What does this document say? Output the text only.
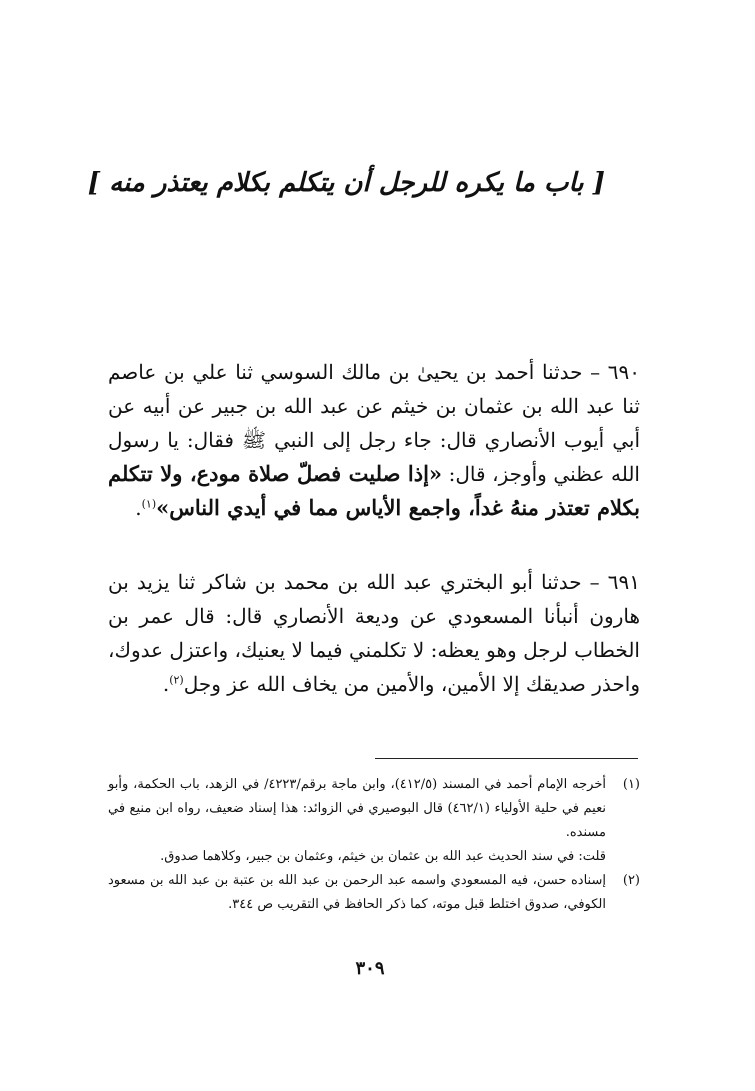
[ باب ما يكره للرجل أن يتكلم بكلام يعتذر منه ]
٦٩٠ – حدثنا أحمد بن يحيىٰ بن مالك السوسي ثنا علي بن عاصم ثنا عبد الله بن عثمان بن خيثم عن عبد الله بن جبير عن أبيه عن أبي أيوب الأنصاري قال: جاء رجل إلى النبي ﷺ فقال: يا رسول الله عظني وأوجز، قال: «إذا صليت فصلّ صلاة مودع، ولا تتكلم بكلام تعتذر منهُ غداً، واجمع الأياس مما في أيدي الناس»$^{(١)}$.
٦٩١ – حدثنا أبو البختري عبد الله بن محمد بن شاكر ثنا يزيد بن هارون أنبأنا المسعودي عن وديعة الأنصاري قال: قال عمر بن الخطاب لرجل وهو يعظه: لا تكلمني فيما لا يعنيك، واعتزل عدوك، واحذر صديقك إلا الأمين، والأمين من يخاف الله عز وجل$^{(٢)}$.
(١)
أخرجه الإمام أحمد في المسند (٤١٢/٥)، وابن ماجة برقم/٤٢٢٣/ في الزهد، باب الحكمة، وأبو نعيم في حلية الأولياء (٤٦٢/١) قال البوصيري في الزوائد: هذا إسناد ضعيف، رواه ابن منيع في مسنده.
قلت: في سند الحديث عبد الله بن عثمان بن خيثم، وعثمان بن جبير، وكلاهما صدوق.
(٢)
إسناده حسن، فيه المسعودي واسمه عبد الرحمن بن عبد الله بن عتبة بن عبد الله بن مسعود الكوفي، صدوق اختلط قبل موته، كما ذكر الحافظ في التقريب ص ٣٤٤.
٣٠٩
